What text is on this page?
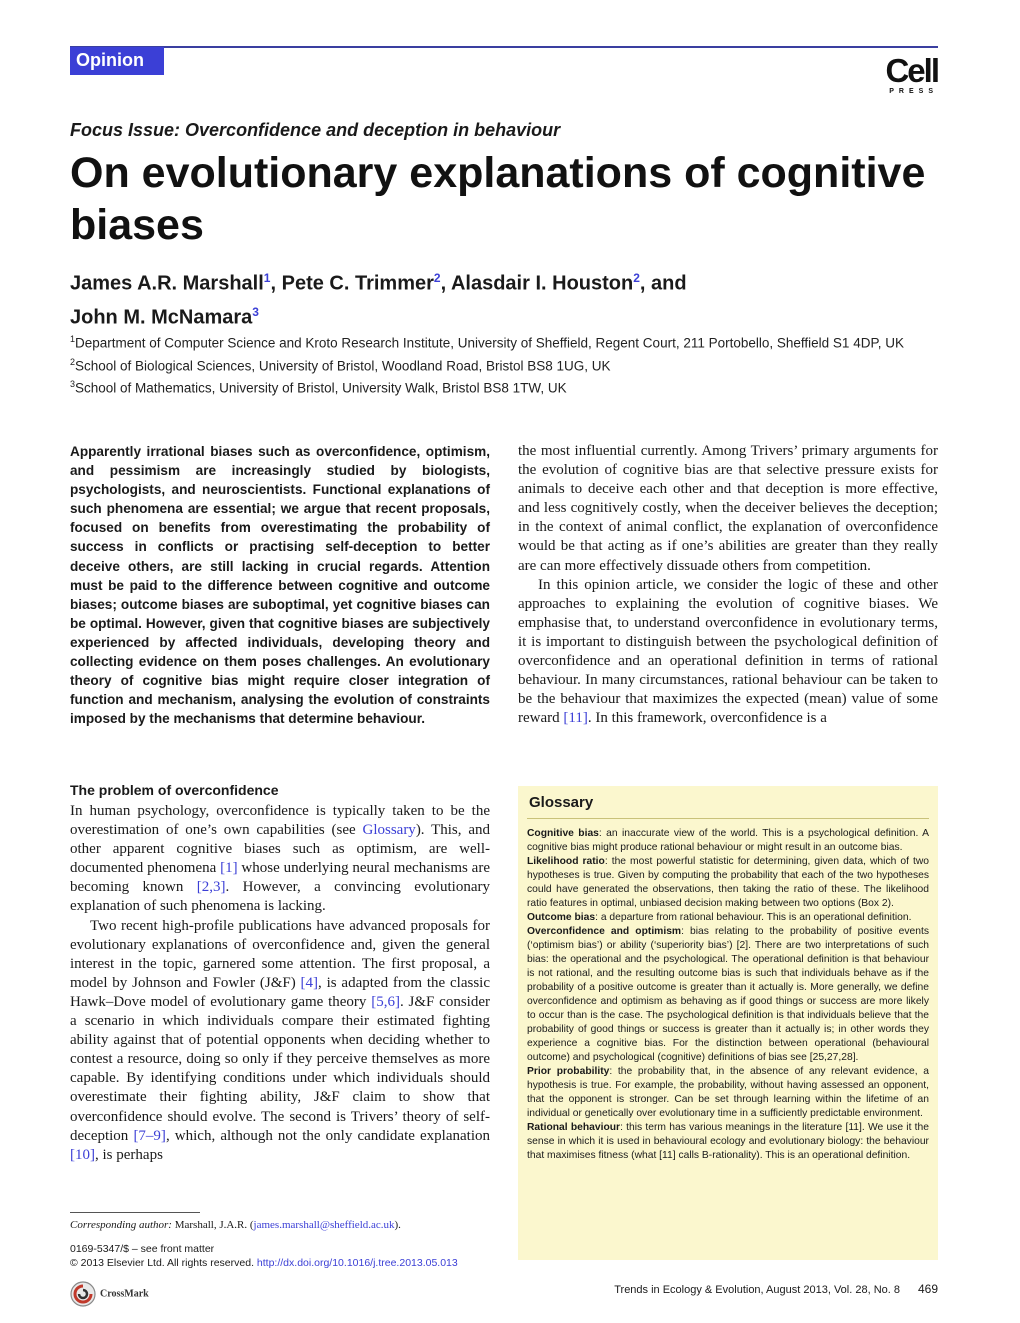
Opinion	Cell
PRESS
Focus Issue: Overconfidence and deception in behaviour
On evolutionary explanations of cognitive biases
James A.R. Marshall$^1$, Pete C. Trimmer$^2$, Alasdair I. Houston$^2$, and
John M. McNamara$^3$
$^1$Department of Computer Science and Kroto Research Institute, University of Sheffield, Regent Court, 211 Portobello, Sheffield S1 4DP, UK
$^2$School of Biological Sciences, University of Bristol, Woodland Road, Bristol BS8 1UG, UK
$^3$School of Mathematics, University of Bristol, University Walk, Bristol BS8 1TW, UK
Apparently irrational biases such as overconfidence, optimism, and pessimism are increasingly studied by biologists, psychologists, and neuroscientists. Functional explanations of such phenomena are essential; we argue that recent proposals, focused on benefits from overestimating the probability of success in conflicts or practising self-deception to better deceive others, are still lacking in crucial regards. Attention must be paid to the difference between cognitive and outcome biases; outcome biases are suboptimal, yet cognitive biases can be optimal. However, given that cognitive biases are subjectively experienced by affected individuals, developing theory and collecting evidence on them poses challenges. An evolutionary theory of cognitive bias might require closer integration of function and mechanism, analysing the evolution of constraints imposed by the mechanisms that determine behaviour.
The problem of overconfidence

In human psychology, overconfidence is typically taken to be the overestimation of one’s own capabilities (see Glossary). This, and other apparent cognitive biases such as optimism, are well-documented phenomena [1] whose underlying neural mechanisms are becoming known [2,3]. However, a convincing evolutionary explanation of such phenomena is lacking.

Two recent high-profile publications have advanced proposals for evolutionary explanations of overconfidence and, given the general interest in the topic, garnered some attention. The first proposal, a model by Johnson and Fowler (J&F) [4], is adapted from the classic Hawk–Dove model of evolutionary game theory [5,6]. J&F consider a scenario in which individuals compare their estimated fighting ability against that of potential opponents when deciding whether to contest a resource, doing so only if they perceive themselves as more capable. By identifying conditions under which individuals should overestimate their fighting ability, J&F claim to show that overconfidence should evolve. The second is Trivers’ theory of self-deception [7–9], which, although not the only candidate explanation [10], is perhaps

the most influential currently. Among Trivers’ primary arguments for the evolution of cognitive bias are that selective pressure exists for animals to deceive each other and that deception is more effective, and less cognitively costly, when the deceiver believes the deception; in the context of animal conflict, the explanation of overconfidence would be that acting as if one’s abilities are greater than they really are can more effectively dissuade others from competition.

In this opinion article, we consider the logic of these and other approaches to explaining the evolution of cognitive biases. We emphasise that, to understand overconfidence in evolutionary terms, it is important to distinguish between the psychological definition of overconfidence and an operational definition in terms of rational behaviour. In many circumstances, rational behaviour can be taken to be the behaviour that maximizes the expected (mean) value of some reward [11]. In this framework, overconfidence is a

Glossary
Cognitive bias: an inaccurate view of the world. This is a psychological definition. A cognitive bias might produce rational behaviour or might result in an outcome bias.
Likelihood ratio: the most powerful statistic for determining, given data, which of two hypotheses is true. Given by computing the probability that each of the two hypotheses could have generated the observations, then taking the ratio of these. The likelihood ratio features in optimal, unbiased decision making between two options (Box 2).
Outcome bias: a departure from rational behaviour. This is an operational definition.
Overconfidence and optimism: bias relating to the probability of positive events (‘optimism bias’) or ability (‘superiority bias’) [2]. There are two interpretations of such bias: the operational and the psychological. The operational definition is that behaviour is not rational, and the resulting outcome bias is such that individuals behave as if the probability of a positive outcome is greater than it actually is. More generally, we define overconfidence and optimism as behaving as if good things or success are more likely to occur than is the case. The psychological definition is that individuals believe that the probability of good things or success is greater than it actually is; in other words they experience a cognitive bias. For the distinction between operational (behavioural outcome) and psychological (cognitive) definitions of bias see [25,27,28].
Prior probability: the probability that, in the absence of any relevant evidence, a hypothesis is true. For example, the probability, without having assessed an opponent, that the opponent is stronger. Can be set through learning within the lifetime of an individual or genetically over evolutionary time in a sufficiently predictable environment.
Rational behaviour: this term has various meanings in the literature [11]. We use it the sense in which it is used in behavioural ecology and evolutionary biology: the behaviour that maximises fitness (what [11] calls B-rationality). This is an operational definition.
Corresponding author: Marshall, J.A.R. (james.marshall@sheffield.ac.uk).
0169-5347/$ – see front matter
© 2013 Elsevier Ltd. All rights reserved. http://dx.doi.org/10.1016/j.tree.2013.05.013
CrossMark	Trends in Ecology & Evolution, August 2013, Vol. 28, No. 8	469
